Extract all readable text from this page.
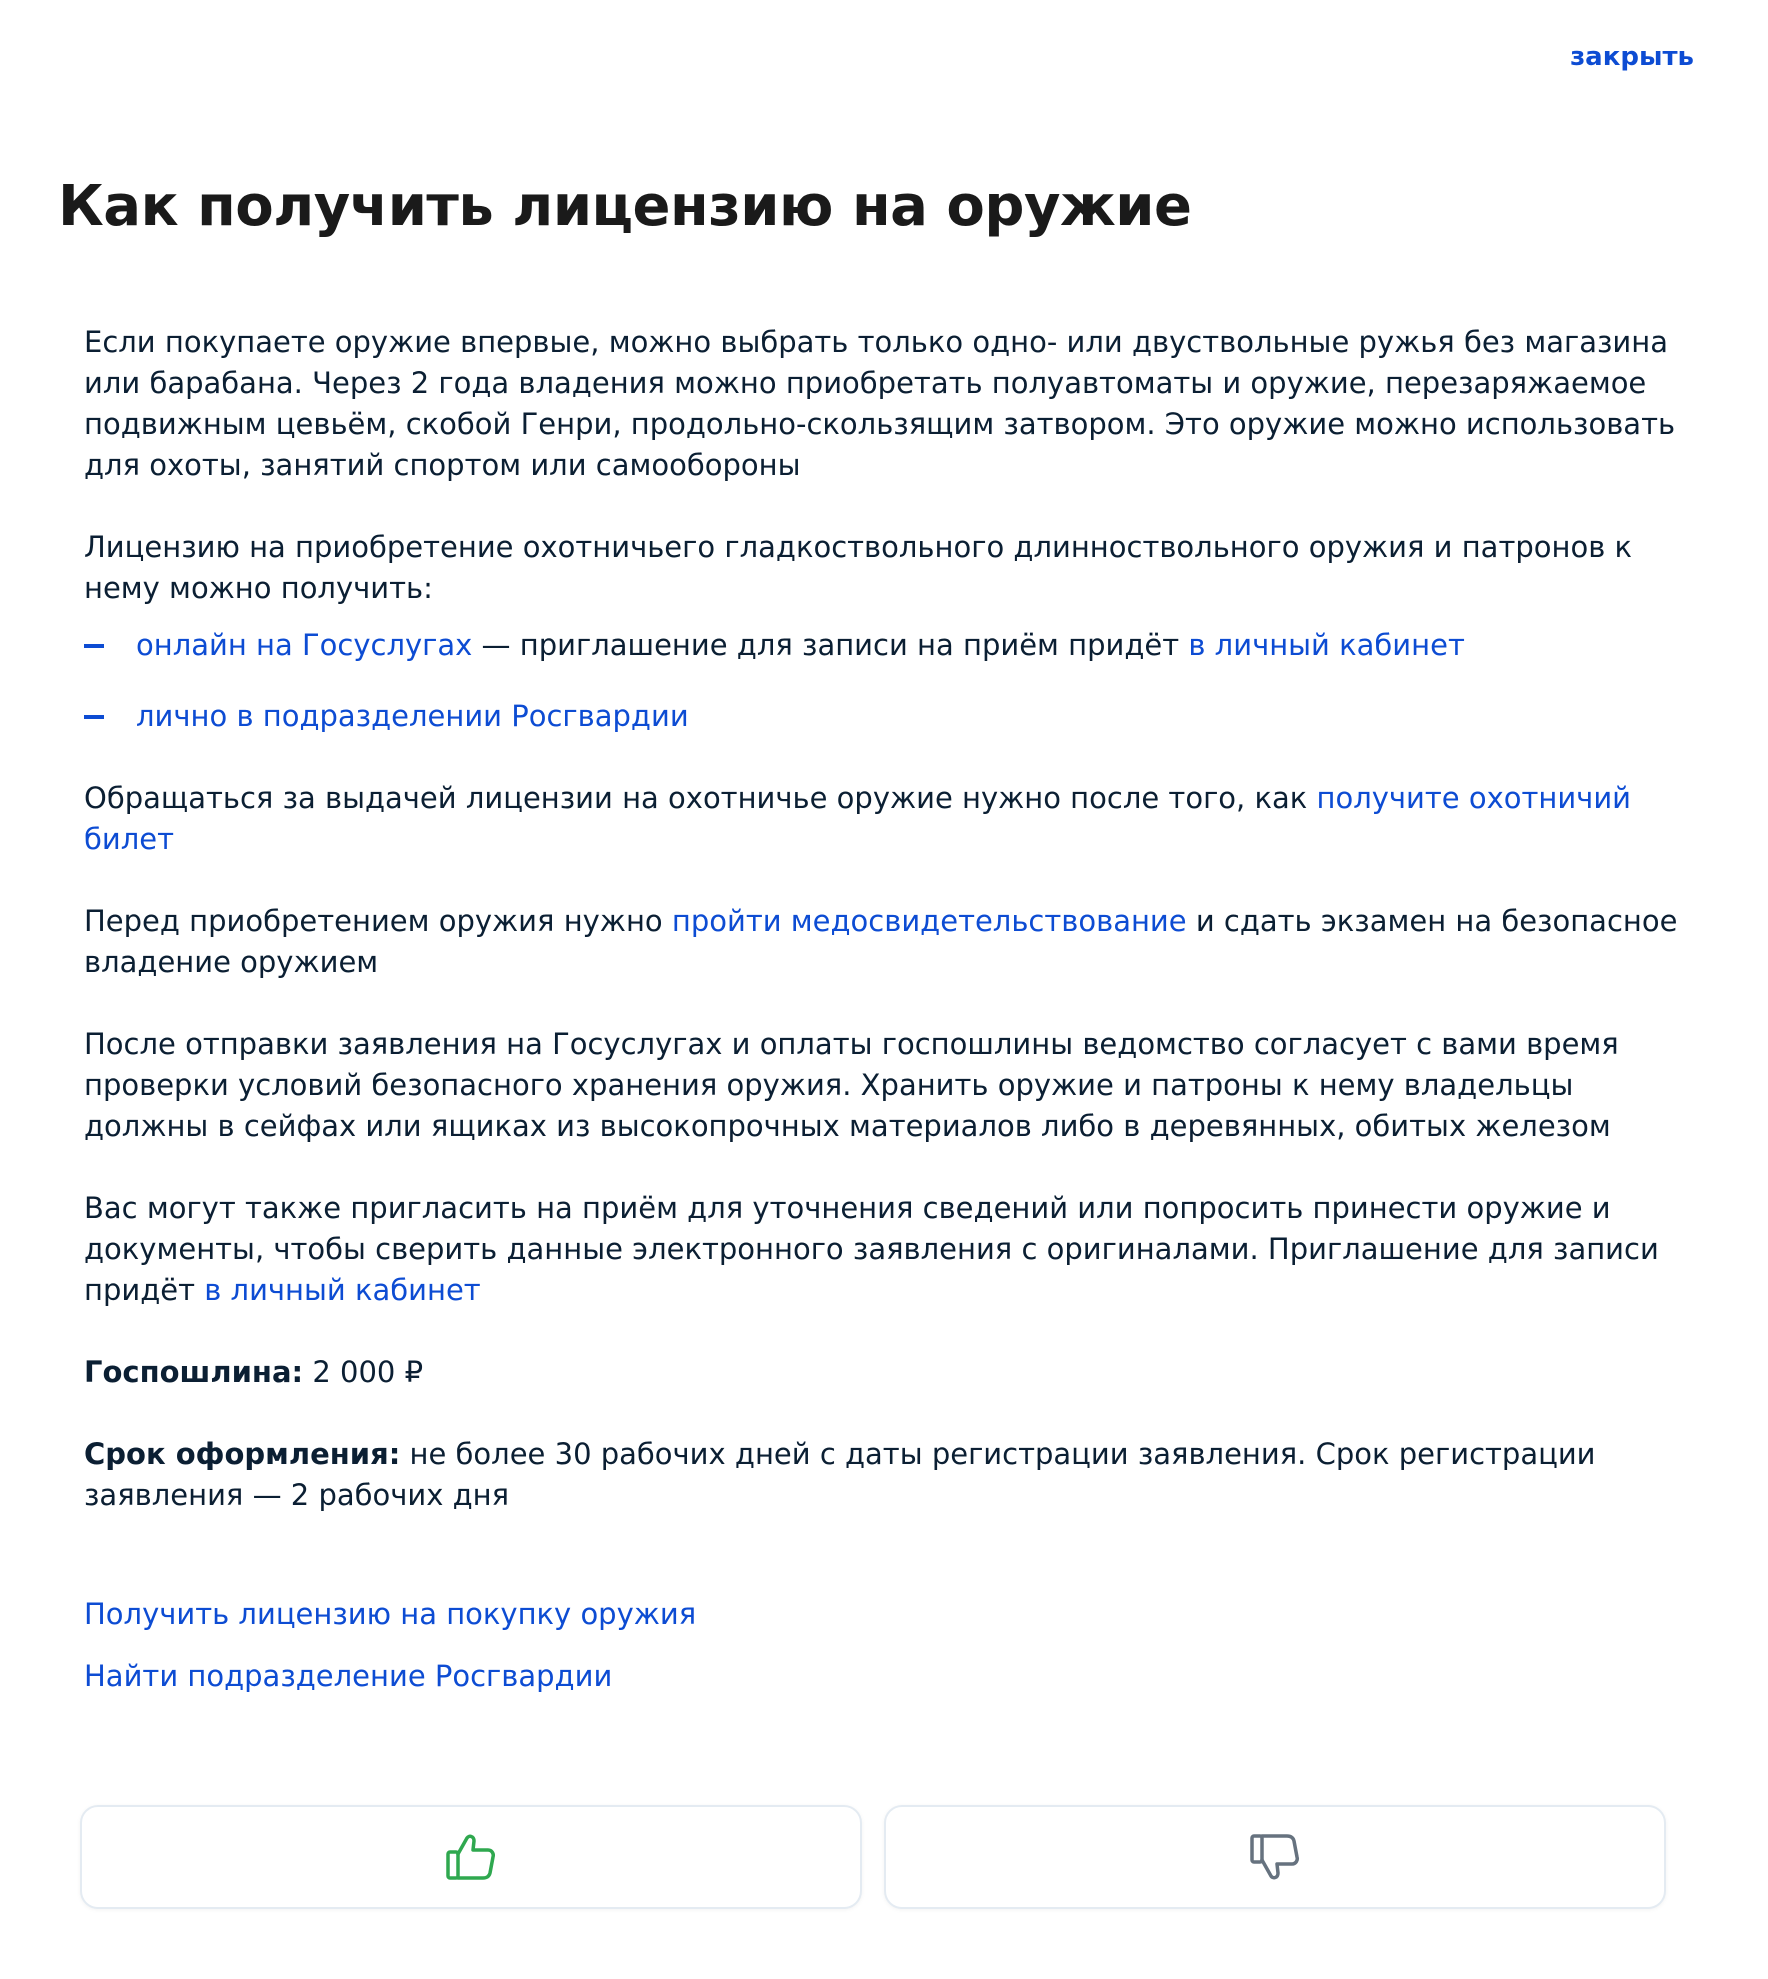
закрыть
Как получить лицензию на оружие

Если покупаете оружие впервые, можно выбрать только одно- или двуствольные ружья без магазина или барабана. Через 2 года владения можно приобретать полуавтоматы и оружие, перезаряжаемое подвижным цевьём, скобой Генри, продольно-скользящим затвором. Это оружие можно использовать для охоты, занятий спортом или самообороны

Лицензию на приобретение охотничьего гладкоствольного длинноствольного оружия и патронов к нему можно получить:

онлайн на Госуслугах — приглашение для записи на приём придёт в личный кабинет
лично в подразделении Росгвардии

Обращаться за выдачей лицензии на охотничье оружие нужно после того, как получите охотничий билет

Перед приобретением оружия нужно пройти медосвидетельствование и сдать экзамен на безопасное владение оружием

После отправки заявления на Госуслугах и оплаты госпошлины ведомство согласует с вами время проверки условий безопасного хранения оружия. Хранить оружие и патроны к нему владельцы должны в сейфах или ящиках из высокопрочных материалов либо в деревянных, обитых железом

Вас могут также пригласить на приём для уточнения сведений или попросить принести оружие и документы, чтобы сверить данные электронного заявления с оригиналами. Приглашение для записи придёт в личный кабинет

Госпошлина: 2 000 ₽

Срок оформления: не более 30 рабочих дней с даты регистрации заявления. Срок регистрации заявления — 2 рабочих дня

Получить лицензию на покупку оружия
Найти подразделение Росгвардии
